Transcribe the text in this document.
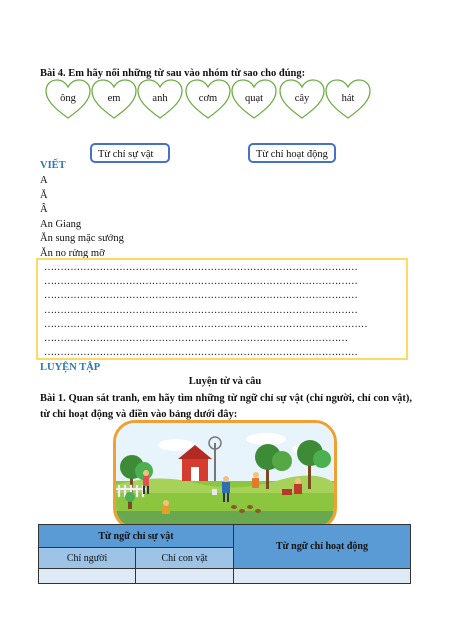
Bài 4. Em hãy nối những từ sau vào nhóm từ sao cho đúng:
ông	em	anh	cơm	quạt	cây	hát
Từ chỉ sự vật	Từ chỉ hoạt động
VIẾT
A
Ă
Â
An Giang
Ăn sung mặc sướng
Ăn no rửng mỡ
……………………………………………………………………………………
……………………………………………………………………………………
……………………………………………………………………………………
……………………………………………………………………………………
………………………………………………………………………………………
…………………………………………………………………………………
……………………………………………………………………………………
LUYỆN TẬP
Luyện từ và câu
Bài 1. Quan sát tranh, em hãy tìm những từ ngữ chỉ sự vật (chỉ người, chỉ con vật), từ chỉ hoạt động và điền vào bảng dưới đây:
Từ ngữ chỉ sự vật		Từ ngữ chỉ hoạt động
Chỉ người	Chỉ con vật	
